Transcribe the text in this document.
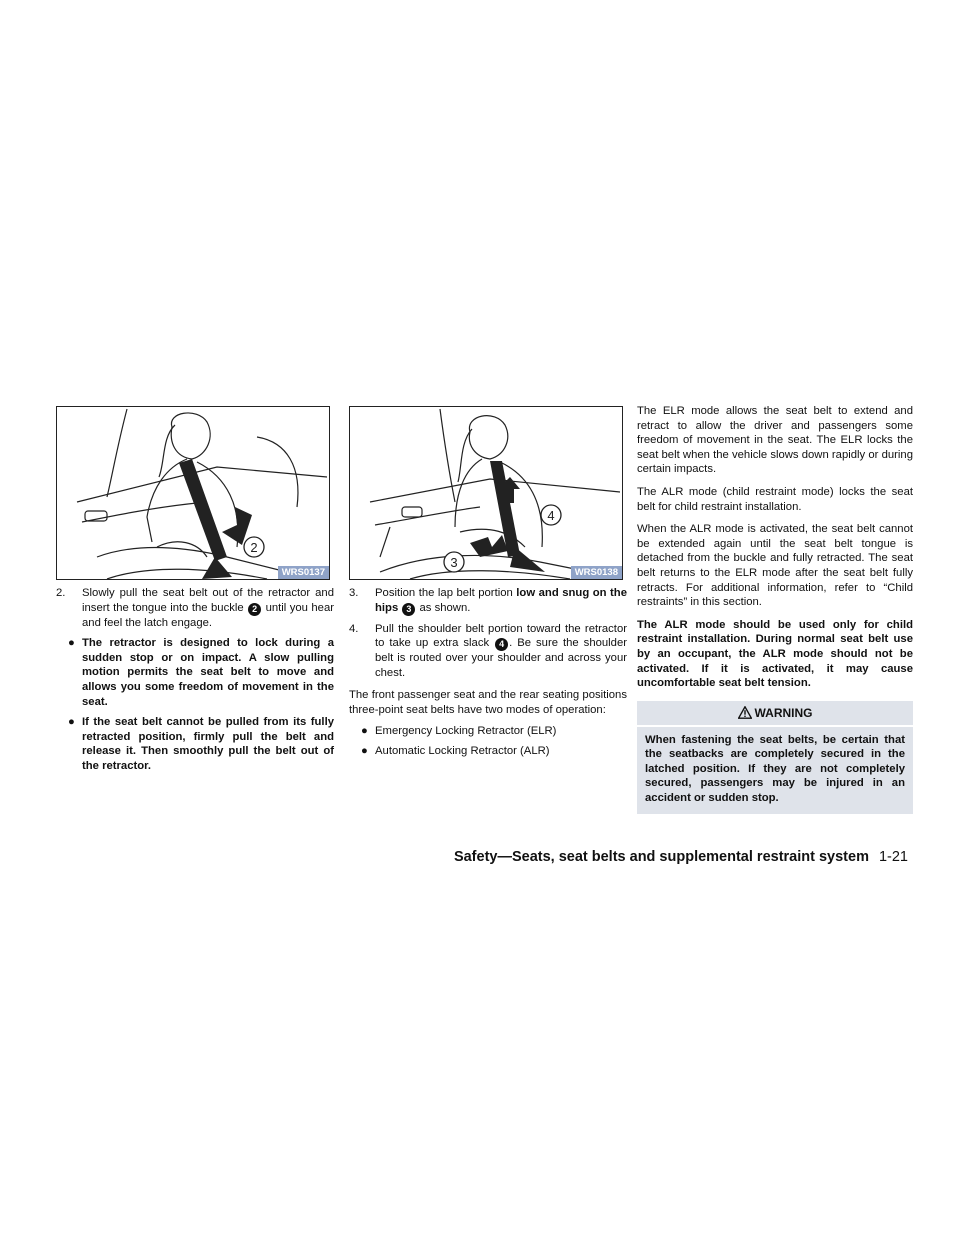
2
WRS0137

2. Slowly pull the seat belt out of the retractor and insert the tongue into the buckle 2 until you hear and feel the latch engage.

● The retractor is designed to lock during a sudden stop or on impact. A slow pulling motion permits the seat belt to move and allows you some freedom of movement in the seat.

● If the seat belt cannot be pulled from its fully retracted position, firmly pull the belt and release it. Then smoothly pull the belt out of the retractor.

4
3
WRS0138

3. Position the lap belt portion low and snug on the hips 3 as shown.

4. Pull the shoulder belt portion toward the retractor to take up extra slack 4 . Be sure the shoulder belt is routed over your shoulder and across your chest.

The front passenger seat and the rear seating positions three-point seat belts have two modes of operation:

● Emergency Locking Retractor (ELR)

● Automatic Locking Retractor (ALR)

The ELR mode allows the seat belt to extend and retract to allow the driver and passengers some freedom of movement in the seat. The ELR locks the seat belt when the vehicle slows down rapidly or during certain impacts.

The ALR mode (child restraint mode) locks the seat belt for child restraint installation.

When the ALR mode is activated, the seat belt cannot be extended again until the seat belt tongue is detached from the buckle and fully retracted. The seat belt returns to the ELR mode after the seat belt fully retracts. For additional information, refer to “Child restraints” in this section.

The ALR mode should be used only for child restraint installation. During normal seat belt use by an occupant, the ALR mode should not be activated. If it is activated, it may cause uncomfortable seat belt tension.

WARNING

When fastening the seat belts, be certain that the seatbacks are completely secured in the latched position. If they are not completely secured, passengers may be injured in an accident or sudden stop.

Safety—Seats, seat belts and supplemental restraint system 1-21
